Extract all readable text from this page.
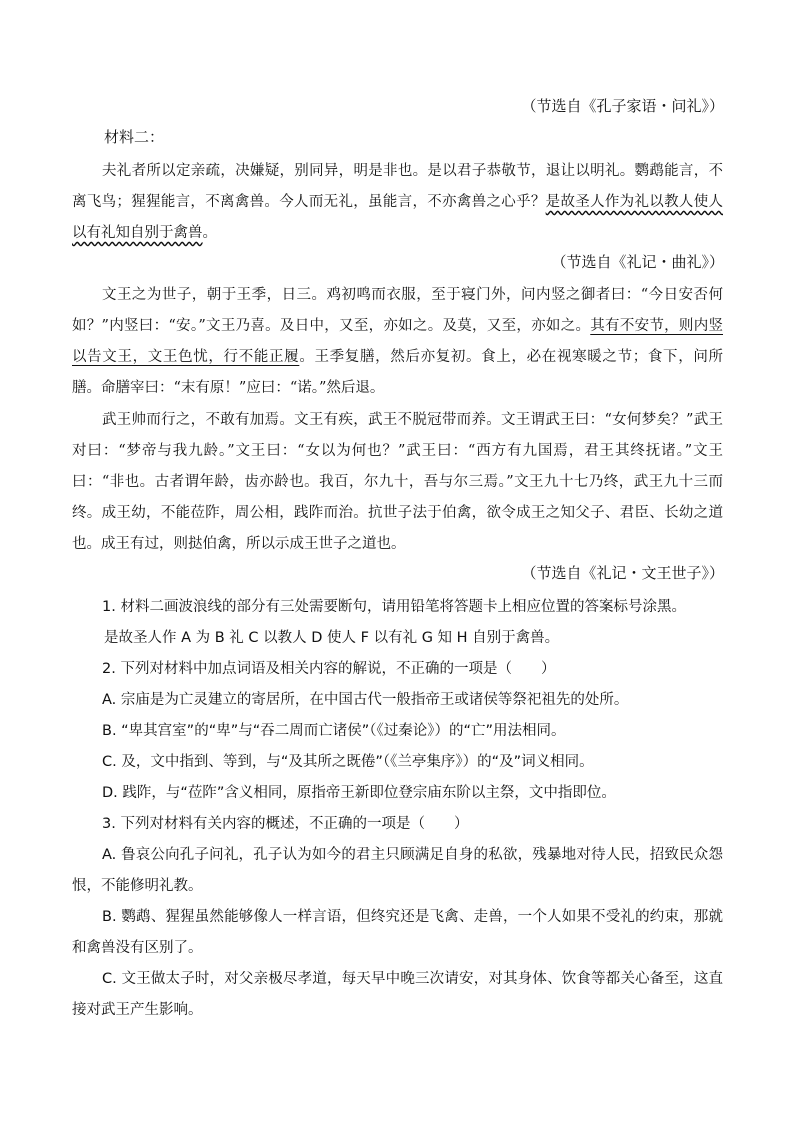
（节选自《孔子家语・问礼》）
材料二：

夫礼者所以定亲疏，决嫌疑，别同异，明是非也。是以君子恭敬节，退让以明礼。鹦鹉能言，不离飞鸟；猩猩能言，不离禽兽。今人而无礼，虽能言，不亦禽兽之心乎？是故圣人作为礼以教人使人以有礼知自别于禽兽。

（节选自《礼记・曲礼》）

文王之为世子，朝于王季，日三。鸡初鸣而衣服，至于寝门外，问内竖之御者曰：“今日安否何如？”内竖曰：“安。”文王乃喜。及日中，又至，亦如之。及莫，又至，亦如之。其有不安节，则内竖以告文王，文王色忧，行不能正履。王季复膳，然后亦复初。食上，必在视寒暖之节；食下，问所膳。命膳宰曰：“末有原！”应曰：“诺。”然后退。

武王帅而行之，不敢有加焉。文王有疾，武王不脱冠带而养。文王谓武王曰：“女何梦矣？”武王对曰：“梦帝与我九龄。”文王曰：“女以为何也？”武王曰：“西方有九国焉，君王其终抚诸。”文王曰：“非也。古者谓年龄，齿亦龄也。我百，尔九十，吾与尔三焉。”文王九十七乃终，武王九十三而终。成王幼，不能莅阼，周公相，践阼而治。抗世子法于伯禽，欲令成王之知父子、君臣、长幼之道也。成王有过，则挞伯禽，所以示成王世子之道也。

（节选自《礼记・文王世子》）

1. 材料二画波浪线的部分有三处需要断句，请用铅笔将答题卡上相应位置的答案标号涂黑。

是故圣人作 A 为 B 礼 C 以教人 D 使人 F 以有礼 G 知 H 自别于禽兽。

2. 下列对材料中加点词语及相关内容的解说，不正确的一项是（　　）

A. 宗庙是为亡灵建立的寄居所，在中国古代一般指帝王或诸侯等祭祀祖先的处所。

B. “卑其宫室”的“卑”与“吞二周而亡诸侯”（《过秦论》）的“亡”用法相同。

C. 及，文中指到、等到，与“及其所之既倦”（《兰亭集序》）的“及”词义相同。

D. 践阼，与“莅阼”含义相同，原指帝王新即位登宗庙东阶以主祭，文中指即位。

3. 下列对材料有关内容的概述，不正确的一项是（　　）

A. 鲁哀公向孔子问礼，孔子认为如今的君主只顾满足自身的私欲，残暴地对待人民，招致民众怨恨，不能修明礼教。

B. 鹦鹉、猩猩虽然能够像人一样言语，但终究还是飞禽、走兽，一个人如果不受礼的约束，那就和禽兽没有区别了。

C. 文王做太子时，对父亲极尽孝道，每天早中晚三次请安，对其身体、饮食等都关心备至，这直接对武王产生影响。
